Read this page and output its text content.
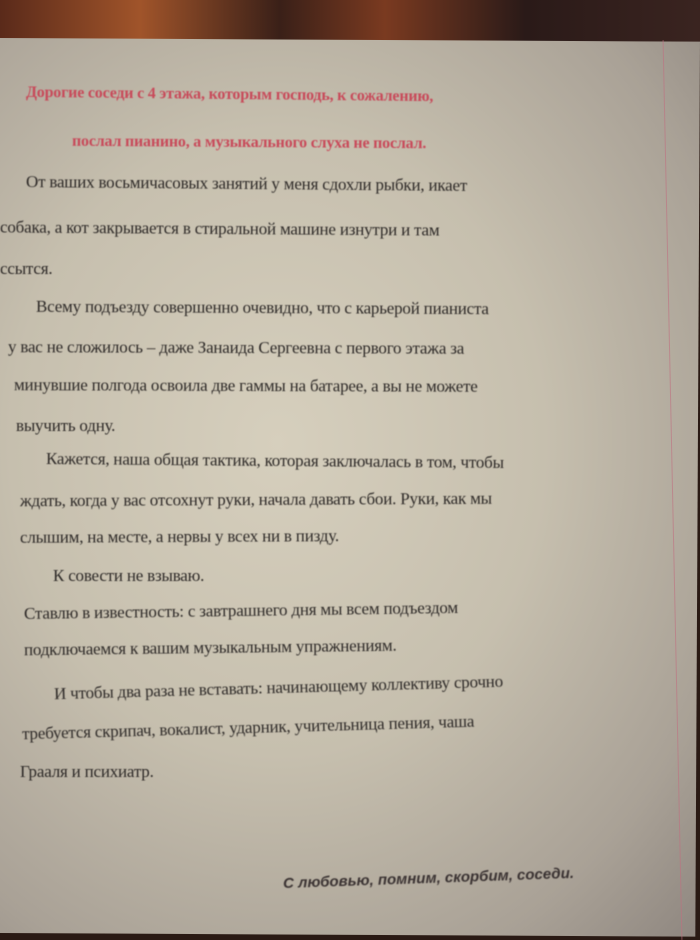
Дорогие соседи с 4 этажа, которым господь, к сожалению,
послал пианино, а музыкального слуха не послал.
От ваших восьмичасовых занятий у меня сдохли рыбки, икает
собака, а кот закрывается в стиральной машине изнутри и там
ссытся.
Всему подъезду совершенно очевидно, что с карьерой пианиста
у вас не сложилось – даже Занаида Сергеевна с первого этажа за
минувшие полгода освоила две гаммы на батарее, а вы не можете
выучить одну.
Кажется, наша общая тактика, которая заключалась в том, чтобы
ждать, когда у вас отсохнут руки, начала давать сбои. Руки, как мы
слышим, на месте, а нервы у всех ни в пизду.
К совести не взываю.
Ставлю в известность: с завтрашнего дня мы всем подъездом
подключаемся к вашим музыкальным упражнениям.
И чтобы два раза не вставать: начинающему коллективу срочно
требуется скрипач, вокалист, ударник, учительница пения, чаша
Грааля и психиатр.
С любовью, помним, скорбим, соседи.
